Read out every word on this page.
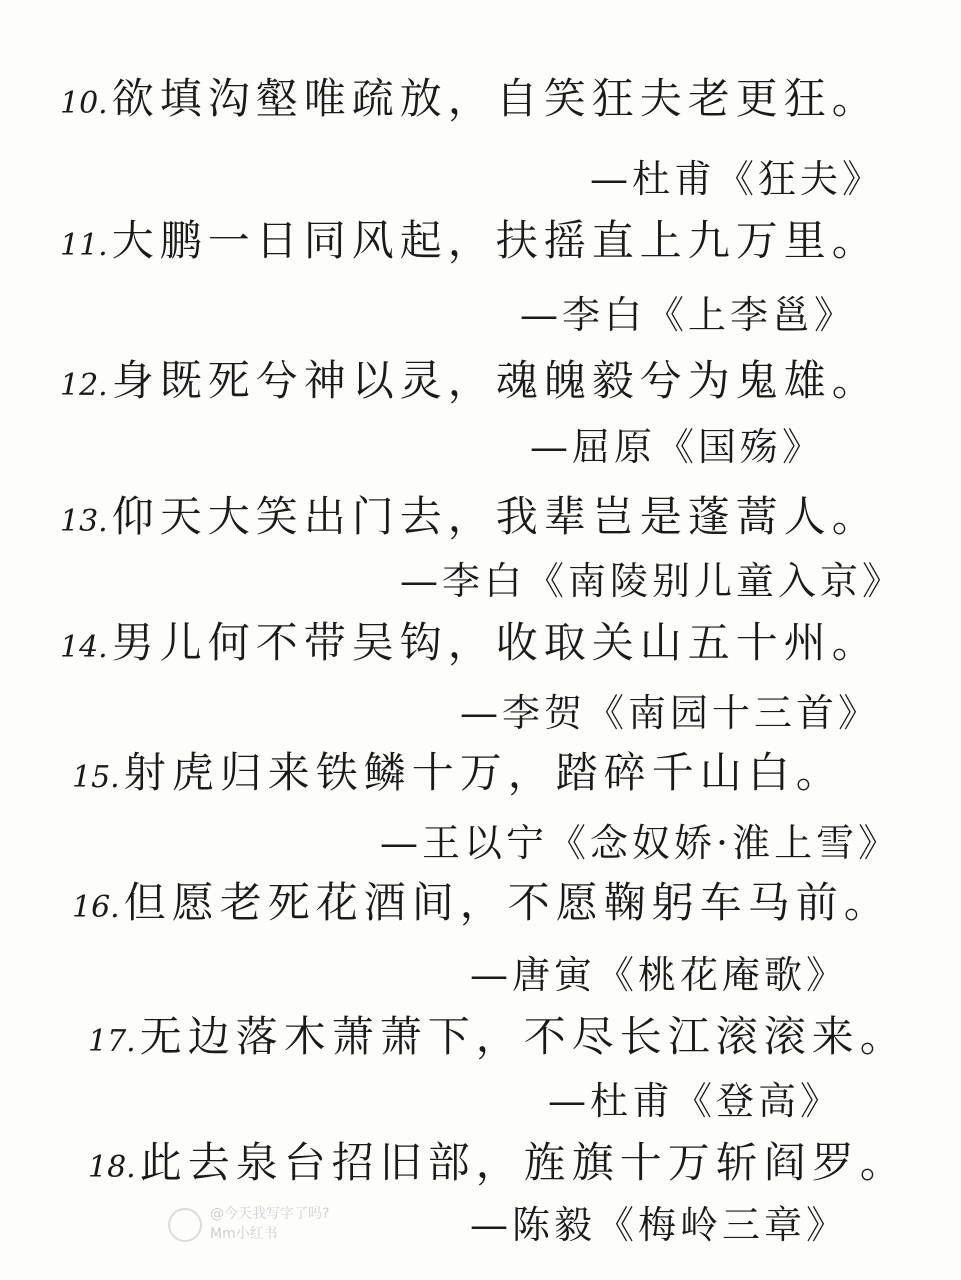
10.欲填沟壑唯疏放，自笑狂夫老更狂。
—杜甫《狂夫》
11.大鹏一日同风起，扶摇直上九万里。
—李白《上李邕》
12.身既死兮神以灵，魂魄毅兮为鬼雄。
—屈原《国殇》
13.仰天大笑出门去，我辈岂是蓬蒿人。
—李白《南陵别儿童入京》
14.男儿何不带吴钩，收取关山五十州。
—李贺《南园十三首》
15.射虎归来铁鳞十万，踏碎千山白。
—王以宁《念奴娇·淮上雪》
16.但愿老死花酒间，不愿鞠躬车马前。
—唐寅《桃花庵歌》
17.无边落木萧萧下，不尽长江滚滚来。
—杜甫《登高》
18.此去泉台招旧部，旌旗十万斩阎罗。
—陈毅《梅岭三章》
@今天我写字了吗?
Mm小红书
